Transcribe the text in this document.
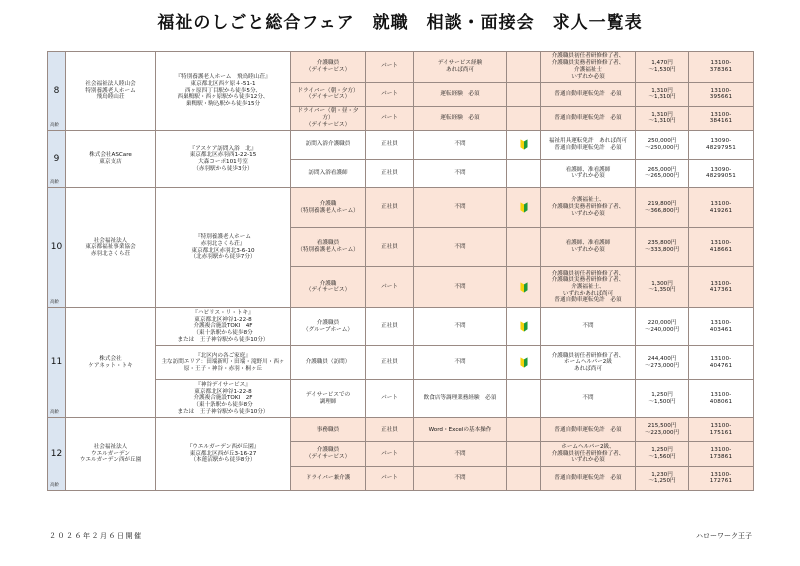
福祉のしごと総合フェア　就職　相談・面接会　求人一覧表
8
高齢	社会福祉法人睦山会
特別養護老人ホーム
飛鳥睦山荘	『特別養護老人ホーム　飛鳥睦山荘』
東京都北区西ケ原４-51-1
西ヶ原四丁目駅から徒歩5分、
西巣鴨駅・西ヶ原駅から徒歩12分、
巣鴨駅・駒込駅から徒歩15分	介護職員
（デイサービス）	パート	デイサービス経験
あれば尚可		介護職員初任者研修修了者、
介護職員実務者研修修了者、
介護福祉士
いずれか必須	1,470円
～1,530円	13100-
378361
			ドライバー（朝・夕方）
（デイサービス）	パート	運転経験　必須		普通自動車運転免許　必須	1,310円
～1,310円	13100-
395661
			ドライバー（朝・昼・夕方）
（デイサービス）	パート	運転経験　必須		普通自動車運転免許　必須	1,310円
～1,310円	13100-
384161

9
高齢	株式会社ASCare
東京支店	『アスケア訪問入浴　北』
東京都北区赤羽西1-22-15
大森コーポ101号室
（赤羽駅から徒歩3分）	訪問入浴介護職員	正社員	不問		福祉用具運転免許　あれば尚可
普通自動車運転免許　必須	250,000円
～250,000円	13090-
48297951
			訪問入浴看護師	正社員	不問		看護師、准看護師
いずれか必須	265,000円
～265,000円	13090-
48299051

10
高齢	社会福祉法人
東京都福祉事業協会
赤羽北さくら荘	『特別養護老人ホーム
赤羽北さくら荘』
東京都北区赤羽北3-6-10
（北赤羽駅から徒歩7分）	介護職
（特別養護老人ホーム）	正社員	不問		介護福祉士、
介護職員実務者研修修了者、
いずれか必須	219,800円
～366,800円	13100-
419261
			看護職員
（特別養護老人ホーム）	正社員	不問		看護師、准看護師
いずれか必須	235,800円
～333,800円	13100-
418661
			介護職
（デイサービス）	パート	不問		介護職員初任者研修修了者、
介護職員実務者研修修了者、
介護福祉士、
いずれかあれば尚可
普通自動車運転免許　必須	1,300円
～1,350円	13100-
417361

11
高齢	株式会社
ケアネット・トキ	『ハピリス・リ・トキ』
東京都北区神谷1-22-8
介護複合施設TOKI　4F
（東十条駅から徒歩8分
または　王子神谷駅から徒歩10分）	介護職員
（グループホーム）	正社員	不問		不問	220,000円
～240,000円	13100-
403461
		『北区内の各ご家庭』
主な訪問エリア：田端新町・田端・滝野川・西ヶ
原・王子・神谷・赤羽・桐ヶ丘	介護職員（訪問）	正社員	不問		介護職員初任者研修修了者、
ホームヘルパー2級
あれば尚可	244,400円
～273,000円	13100-
404761
		『神谷デイサービス』
東京都北区神谷1-22-8
介護複合施設TOKI　2F
（東十条駅から徒歩8分
または　王子神谷駅から徒歩10分）	デイサービスでの
調理師	パート	飲食店等調理業務経験　必須		不問	1,250円
～1,500円	13100-
408061

12
高齢	社会福祉法人
ウエルガーデン
ウエルガーデン西が丘園	『ウエルガーデン西が丘園』
東京都北区西が丘3-16-27
（本蓮沼駅から徒歩8分）	事務職員	正社員	Word・Excelの基本操作		普通自動車運転免許　必須	215,500円
～223,000円	13100-
175161
			介護職員
（デイサービス）	パート	不問		ホームヘルパー2級、
介護職員初任者研修修了者、
いずれか必須	1,250円
～1,560円	13100-
173861
			ドライバー兼介護	パート	不問		普通自動車運転免許　必須	1,230円
～1,250円	13100-
172761
２０２６年２月６日開催	ハローワーク王子
